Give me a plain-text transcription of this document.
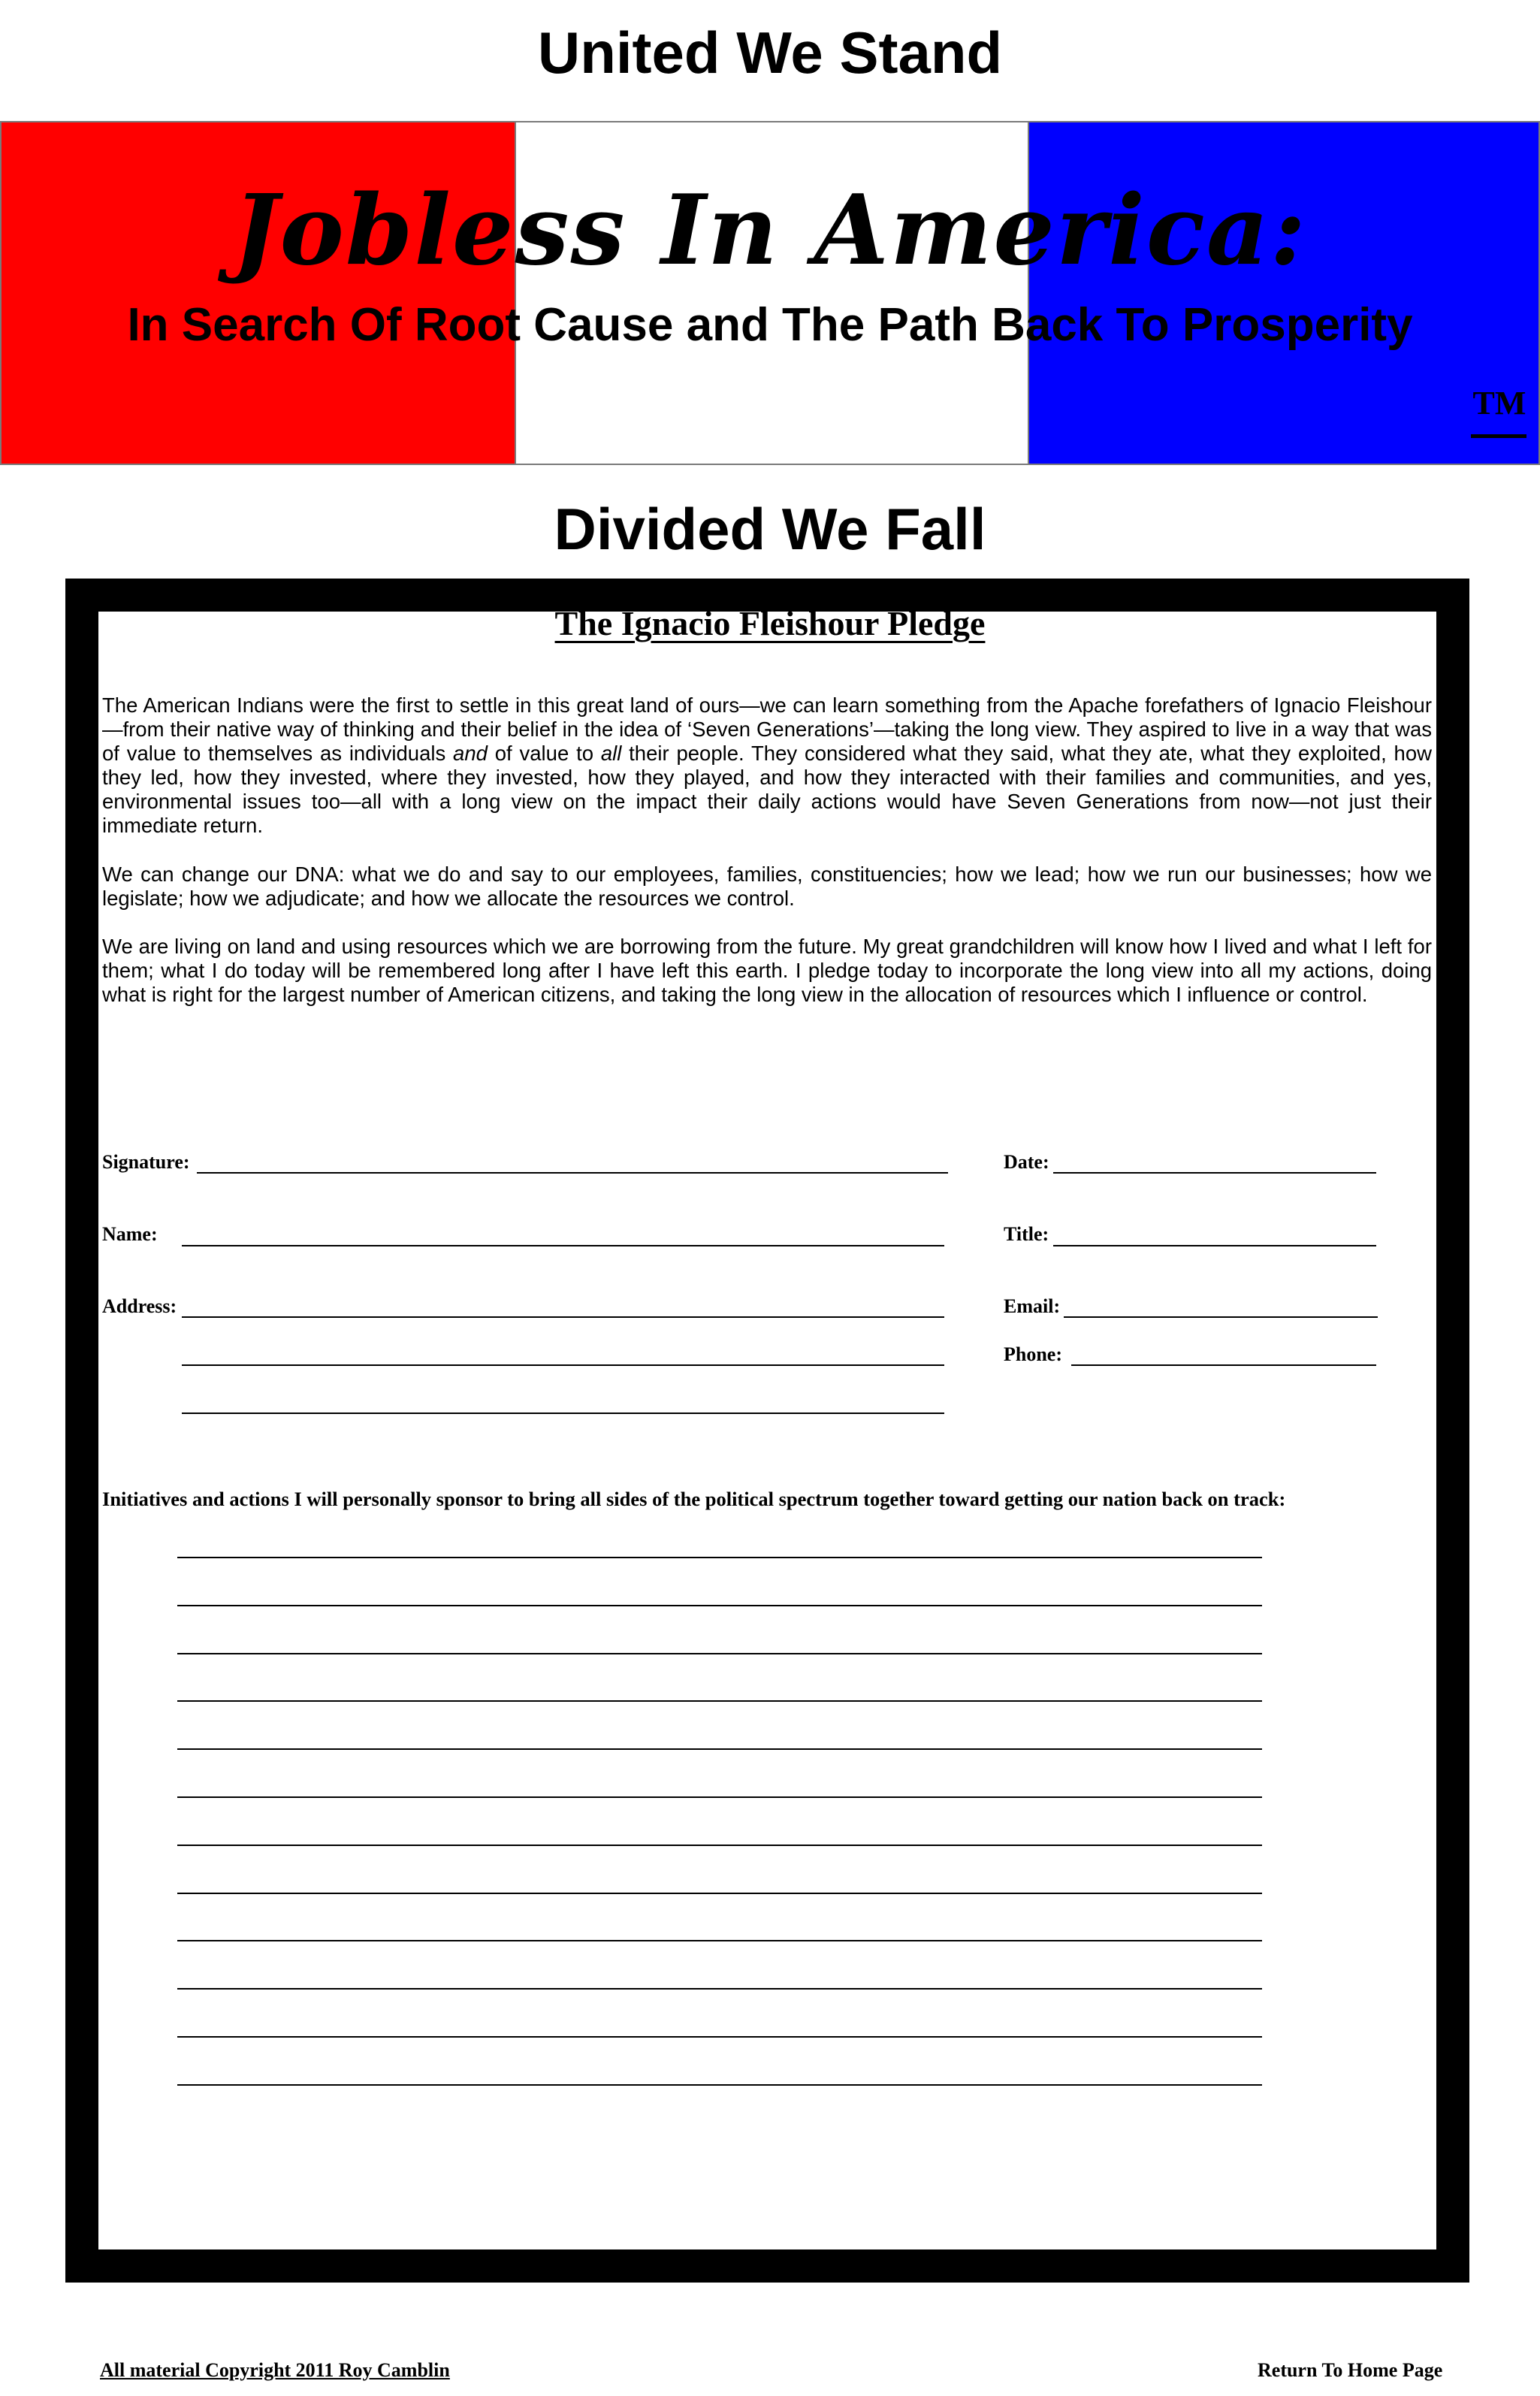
United We Stand
Jobless In America:
In Search Of Root Cause and The Path Back To Prosperity
TM
Divided We Fall
The Ignacio Fleishour Pledge
The American Indians were the first to settle in this great land of ours—we can learn something from the Apache forefathers of Ignacio Fleishour—from their native way of thinking and their belief in the idea of ‘Seven Generations’—taking the long view. They aspired to live in a way that was of value to themselves as individuals and of value to all their people. They considered what they said, what they ate, what they exploited, how they led, how they invested, where they invested, how they played, and how they interacted with their families and communities, and yes, environmental issues too—all with a long view on the impact their daily actions would have Seven Generations from now—not just their immediate return.
We can change our DNA: what we do and say to our employees, families, constituencies; how we lead; how we run our businesses; how we legislate; how we adjudicate; and how we allocate the resources we control.
We are living on land and using resources which we are borrowing from the future. My great grandchildren will know how I lived and what I left for them; what I do today will be remembered long after I have left this earth. I pledge today to incorporate the long view into all my actions, doing what is right for the largest number of American citizens, and taking the long view in the allocation of resources which I influence or control.
Signature:	Date:
Name:	Title:
Address:	Email:
Phone:
Initiatives and actions I will personally sponsor to bring all sides of the political spectrum together toward getting our nation back on track:
All material Copyright 2011 Roy Camblin	Return To Home Page
